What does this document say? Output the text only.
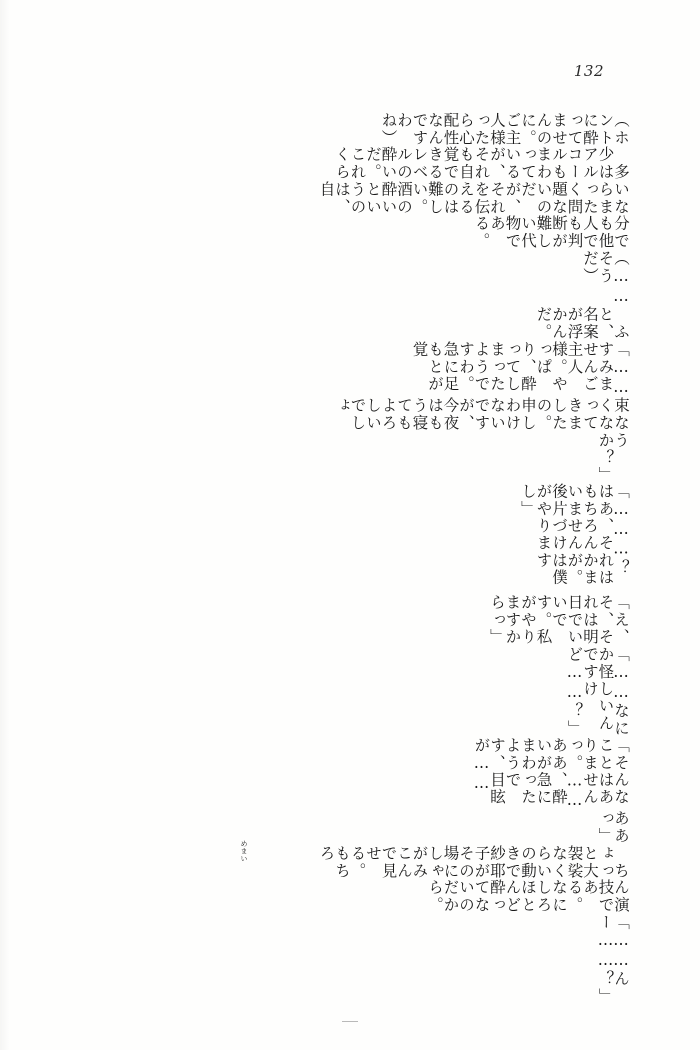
132
（ホントに酔ってませんのに。ご主人様ったら心配性なんですわね）
　多少はアルコールもまわっているが、それも自覚できるレベルの酔いだ。これくら
いならまったく問題ないのだが、それを伝えるのは難しい。酒の酔いというのは、自
分でも他人でも判断が難しい代物である。
（……そうだ）
　ふと、名案が浮かんだ。
「……すみませんご主人様。やっぱり、酔ってしまったようですわ。急に足もとが覚
束なくなってきましたの。申しわけないですが、今夜はもう寝てもよろしいでしょ
うか？」
「………？　はあ、それはもちろんかまいませんが。後片づけは僕がやりますし」
「え、そ、それは明日でいいです。私がやりますからっ」
「……なにか怪しいんですけど……？」
「そんなことはありませんっ。……ああ、酔いが急にまわったようです、目眩が……
ああっ」
　ちょっと大袈裟なくらいの動きで紗耶子がその場にしゃがみこんで見せる。もちろ
ん演技である。なにしろほとんど酔ってないのだから。
「……んー……？」
めまい
